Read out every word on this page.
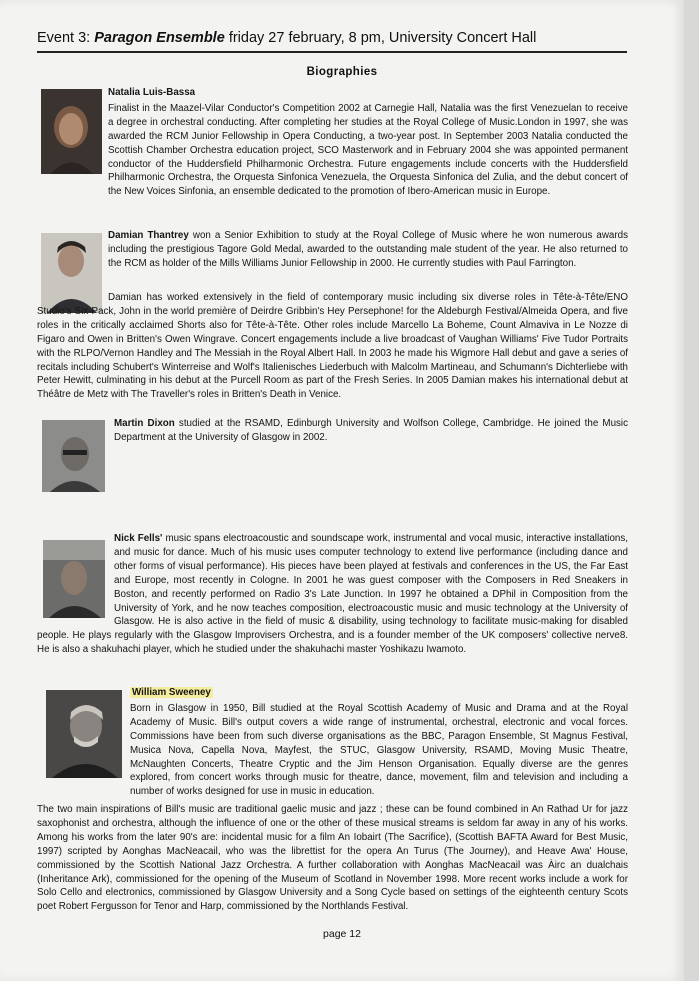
Event 3: Paragon Ensemble friday 27 february, 8 pm, University Concert Hall
Biographies
Natalia Luis-Bassa

Finalist in the Maazel-Vilar Conductor's Competition 2002 at Carnegie Hall, Natalia was the first Venezuelan to receive a degree in orchestral conducting. After completing her studies at the Royal College of Music.London in 1997, she was awarded the RCM Junior Fellowship in Opera Conducting, a two-year post. In September 2003 Natalia conducted the Scottish Chamber Orchestra education project, SCO Masterwork and in February 2004 she was appointed permanent conductor of the Huddersfield Philharmonic Orchestra. Future engagements include concerts with the Huddersfield Philharmonic Orchestra, the Orquesta Sinfonica Venezuela, the Orquesta Sinfonica del Zulia, and the debut concert of the New Voices Sinfonia, an ensemble dedicated to the promotion of Ibero-American music in Europe.

Damian Thantrey won a Senior Exhibition to study at the Royal College of Music where he won numerous awards including the prestigious Tagore Gold Medal, awarded to the outstanding male student of the year. He also returned to the RCM as holder of the Mills Williams Junior Fellowship in 2000. He currently studies with Paul Farrington.

Damian has worked extensively in the field of contemporary music including six diverse roles in Tête-à-Tête/ENO Studio's Six-Pack, John in the world première of Deirdre Gribbin's Hey Persephone! for the Aldeburgh Festival/Almeida Opera, and five roles in the critically acclaimed Shorts also for Tête-à-Tête. Other roles include Marcello La Boheme, Count Almaviva in Le Nozze di Figaro and Owen in Britten's Owen Wingrave. Concert engagements include a live broadcast of Vaughan Williams' Five Tudor Portraits with the RLPO/Vernon Handley and The Messiah in the Royal Albert Hall. In 2003 he made his Wigmore Hall debut and gave a series of recitals including Schubert's Winterreise and Wolf's Italienisches Liederbuch with Malcolm Martineau, and Schumann's Dichterliebe with Peter Hewitt, culminating in his debut at the Purcell Room as part of the Fresh Series. In 2005 Damian makes his international debut at Théâtre de Metz with The Traveller's roles in Britten's Death in Venice.

Martin Dixon studied at the RSAMD, Edinburgh University and Wolfson College, Cambridge. He joined the Music Department at the University of Glasgow in 2002.

Nick Fells' music spans electroacoustic and soundscape work, instrumental and vocal music, interactive installations, and music for dance. Much of his music uses computer technology to extend live performance (including dance and other forms of visual performance). His pieces have been played at festivals and conferences in the US, the Far East and Europe, most recently in Cologne. In 2001 he was guest composer with the Composers in Red Sneakers in Boston, and recently performed on Radio 3's Late Junction. In 1997 he obtained a DPhil in Composition from the University of York, and he now teaches composition, electroacoustic music and music technology at the University of Glasgow. He is also active in the field of music & disability, using technology to facilitate music-making for disabled people. He plays regularly with the Glasgow Improvisers Orchestra, and is a founder member of the UK composers' collective nerve8. He is also a shakuhachi player, which he studied under the shakuhachi master Yoshikazu Iwamoto.

William Sweeney

Born in Glasgow in 1950, Bill studied at the Royal Scottish Academy of Music and Drama and at the Royal Academy of Music. Bill's output covers a wide range of instrumental, orchestral, electronic and vocal forces. Commissions have been from such diverse organisations as the BBC, Paragon Ensemble, St Magnus Festival, Musica Nova, Capella Nova, Mayfest, the STUC, Glasgow University, RSAMD, Moving Music Theatre, McNaughten Concerts, Theatre Cryptic and the Jim Henson Organisation. Equally diverse are the genres explored, from concert works through music for theatre, dance, movement, film and television and including a number of works designed for use in music in education.

The two main inspirations of Bill's music are traditional gaelic music and jazz ; these can be found combined in An Rathad Ur for jazz saxophonist and orchestra, although the influence of one or the other of these musical streams is seldom far away in any of his works. Among his works from the later 90's are: incidental music for a film An Iobairt (The Sacrifice), (Scottish BAFTA Award for Best Music, 1997) scripted by Aonghas MacNeacail, who was the librettist for the opera An Turus (The Journey), and Heave Awa' House, commissioned by the Scottish National Jazz Orchestra. A further collaboration with Aonghas MacNeacail was Àirc an dualchais (Inheritance Ark), commissioned for the opening of the Museum of Scotland in November 1998. More recent works include a work for Solo Cello and electronics, commissioned by Glasgow University and a Song Cycle based on settings of the eighteenth century Scots poet Robert Fergusson for Tenor and Harp, commissioned by the Northlands Festival.

page 12
